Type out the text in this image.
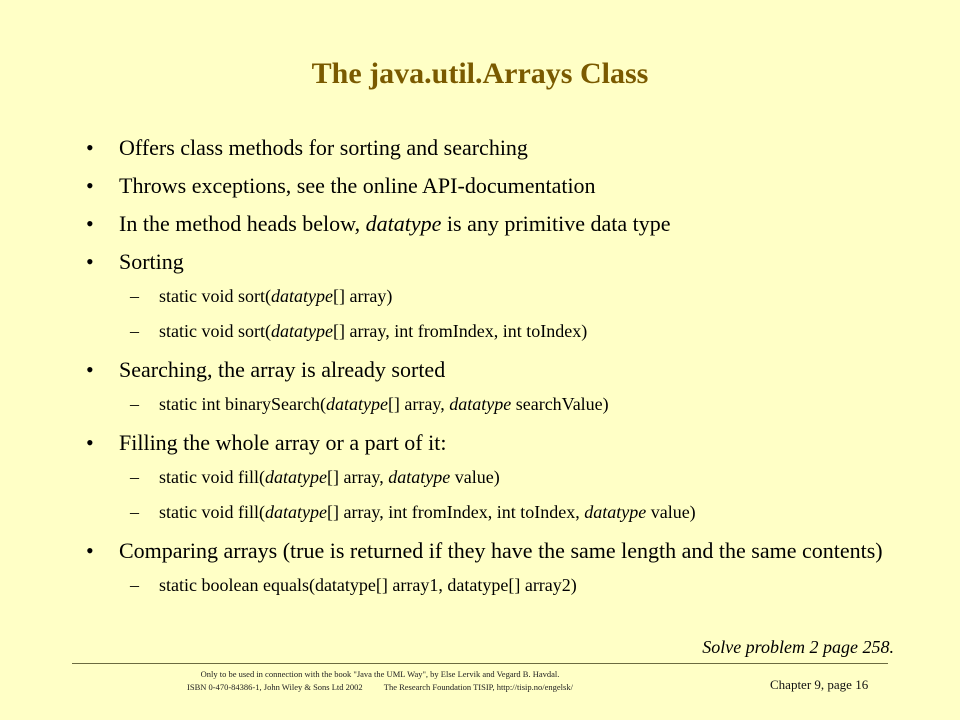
The java.util.Arrays Class
• Offers class methods for sorting and searching
• Throws exceptions, see the online API-documentation
• In the method heads below, datatype is any primitive data type
• Sorting
– static void sort(datatype[] array)
– static void sort(datatype[] array, int fromIndex, int toIndex)
• Searching, the array is already sorted
– static int binarySearch(datatype[] array, datatype searchValue)
• Filling the whole array or a part of it:
– static void fill(datatype[] array, datatype value)
– static void fill(datatype[] array, int fromIndex, int toIndex, datatype value)
• Comparing arrays (true is returned if they have the same length and the same contents)
– static boolean equals(datatype[] array1, datatype[] array2)
Solve problem 2 page 258.
Only to be used in connection with the book "Java the UML Way", by Else Lervik and Vegard B. Havdal.
ISBN 0-470-84386-1, John Wiley & Sons Ltd 2002          The Research Foundation TISIP, http://tisip.no/engelsk/	Chapter 9, page 16
